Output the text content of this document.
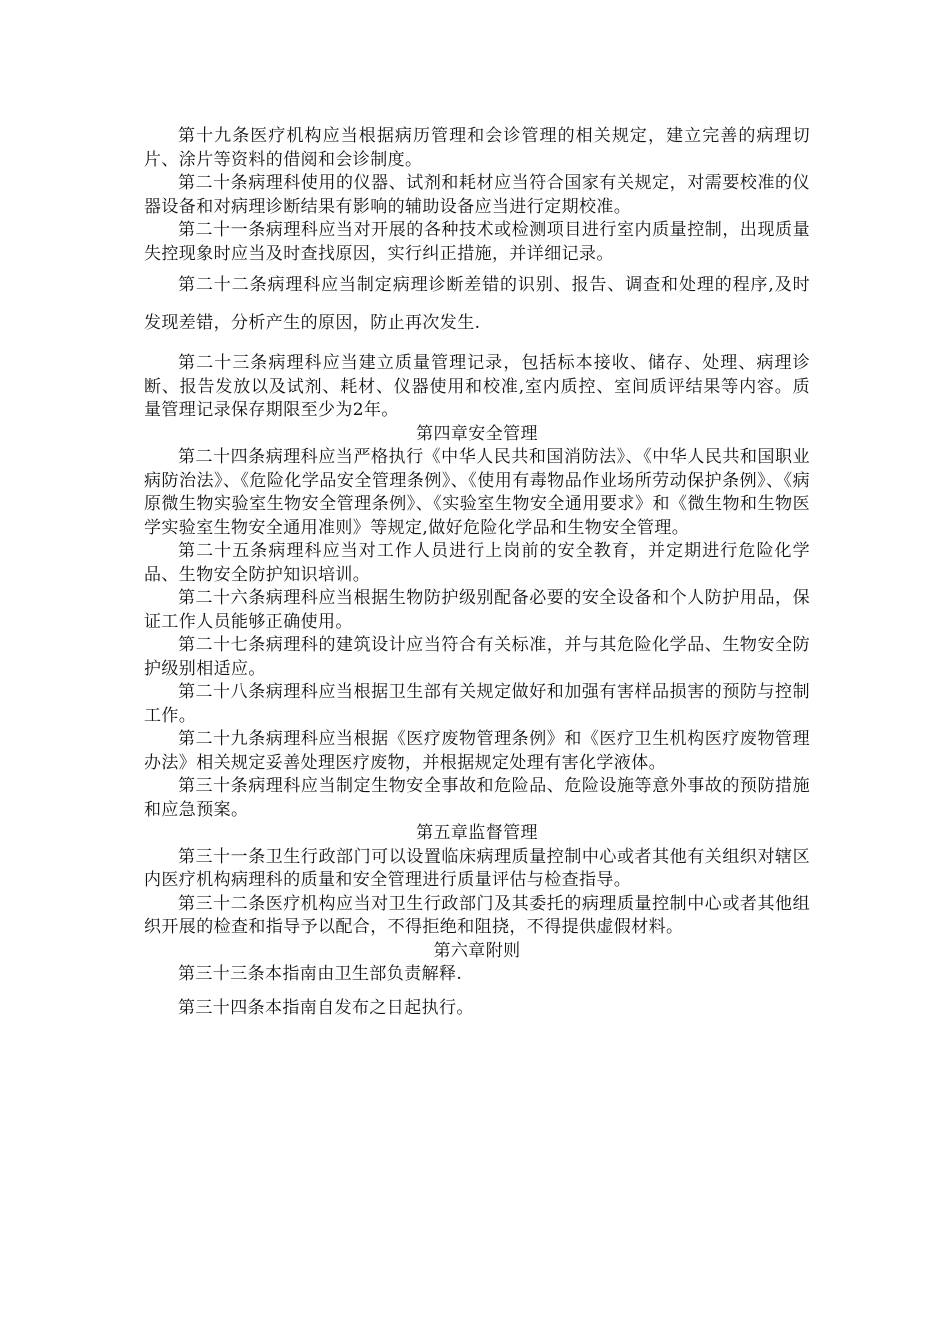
第十九条医疗机构应当根据病历管理和会诊管理的相关规定，建立完善的病理切片、涂片等资料的借阅和会诊制度。

第二十条病理科使用的仪器、试剂和耗材应当符合国家有关规定，对需要校准的仪器设备和对病理诊断结果有影响的辅助设备应当进行定期校准。

第二十一条病理科应当对开展的各种技术或检测项目进行室内质量控制，出现质量失控现象时应当及时查找原因，实行纠正措施，并详细记录。

第二十二条病理科应当制定病理诊断差错的识别、报告、调查和处理的程序,及时发现差错，分析产生的原因，防止再次发生.

第二十三条病理科应当建立质量管理记录，包括标本接收、储存、处理、病理诊断、报告发放以及试剂、耗材、仪器使用和校准,室内质控、室间质评结果等内容。质量管理记录保存期限至少为2年。

第四章安全管理

第二十四条病理科应当严格执行《中华人民共和国消防法》、《中华人民共和国职业病防治法》、《危险化学品安全管理条例》、《使用有毒物品作业场所劳动保护条例》、《病原微生物实验室生物安全管理条例》、《实验室生物安全通用要求》和《微生物和生物医学实验室生物安全通用准则》等规定,做好危险化学品和生物安全管理。

第二十五条病理科应当对工作人员进行上岗前的安全教育，并定期进行危险化学品、生物安全防护知识培训。

第二十六条病理科应当根据生物防护级别配备必要的安全设备和个人防护用品，保证工作人员能够正确使用。

第二十七条病理科的建筑设计应当符合有关标准，并与其危险化学品、生物安全防护级别相适应。

第二十八条病理科应当根据卫生部有关规定做好和加强有害样品损害的预防与控制工作。

第二十九条病理科应当根据《医疗废物管理条例》和《医疗卫生机构医疗废物管理办法》相关规定妥善处理医疗废物，并根据规定处理有害化学液体。

第三十条病理科应当制定生物安全事故和危险品、危险设施等意外事故的预防措施和应急预案。

第五章监督管理

第三十一条卫生行政部门可以设置临床病理质量控制中心或者其他有关组织对辖区内医疗机构病理科的质量和安全管理进行质量评估与检查指导。

第三十二条医疗机构应当对卫生行政部门及其委托的病理质量控制中心或者其他组织开展的检查和指导予以配合，不得拒绝和阻挠，不得提供虚假材料。

第六章附则

第三十三条本指南由卫生部负责解释.

第三十四条本指南自发布之日起执行。
